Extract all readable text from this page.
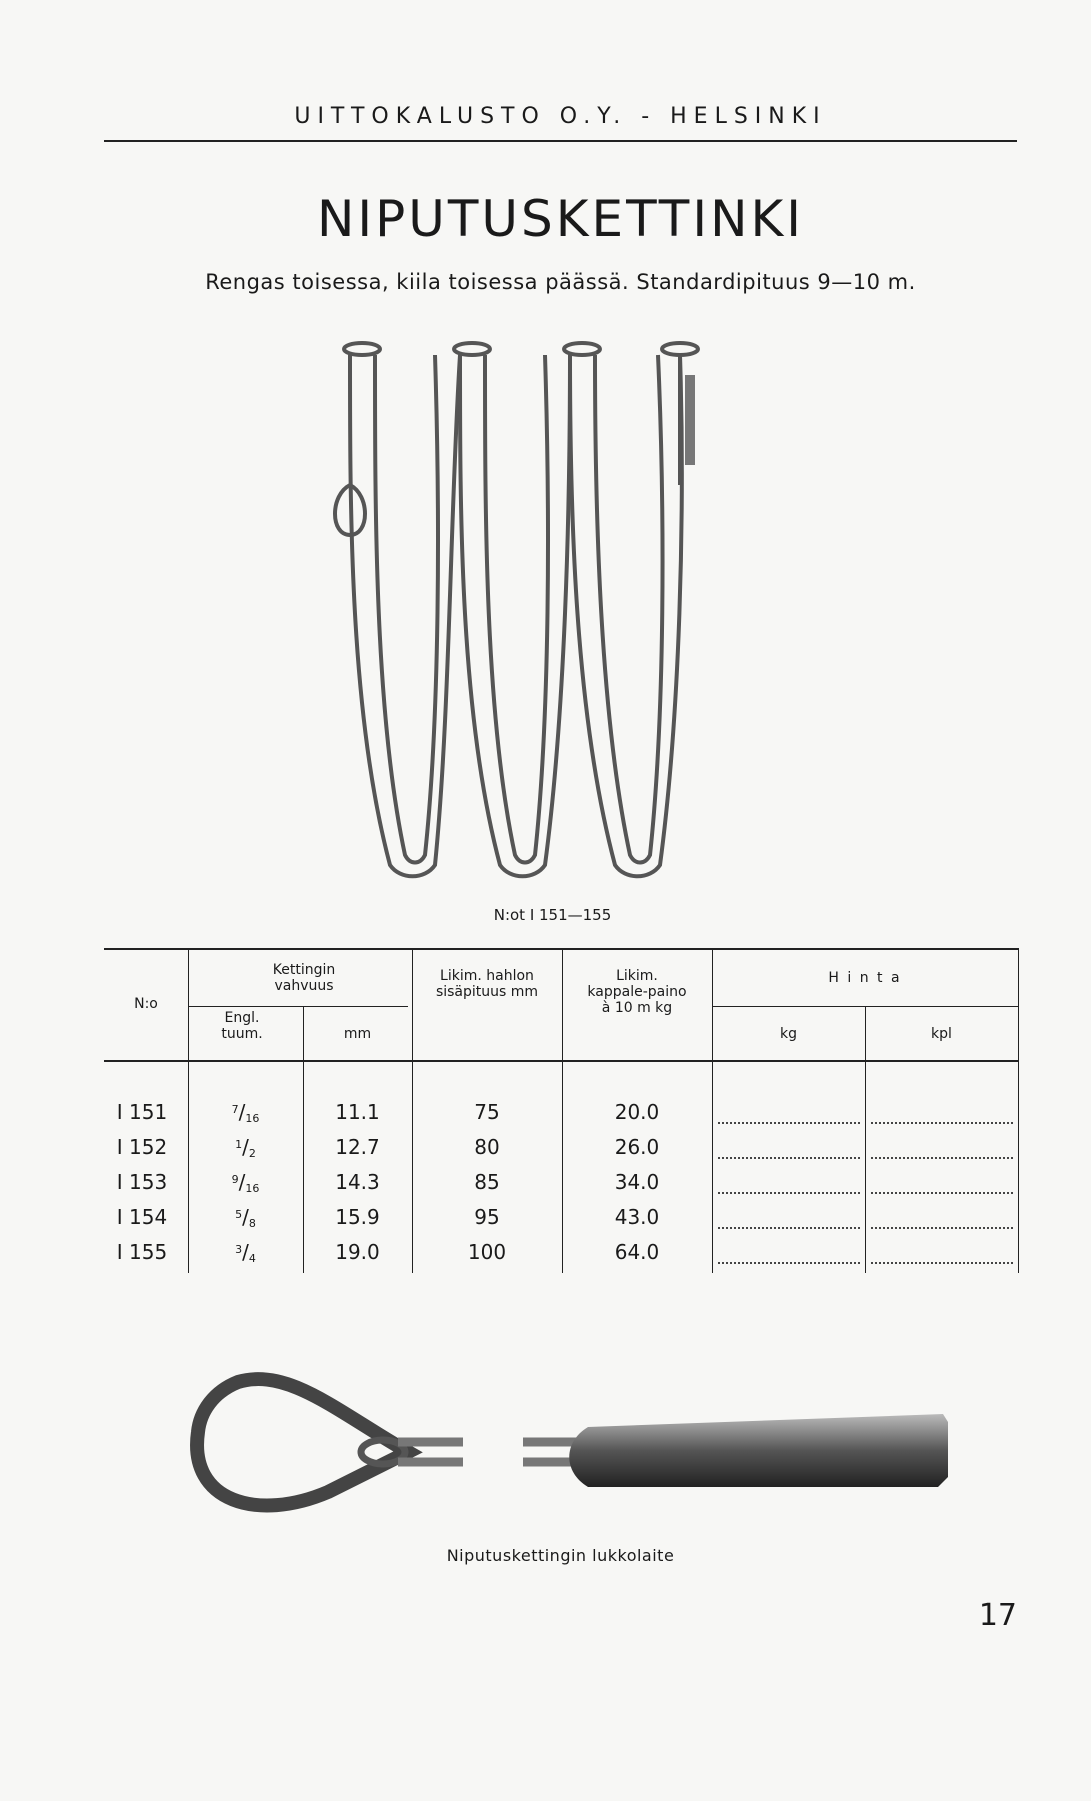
UITTOKALUSTO O.Y. - HELSINKI
NIPUTUSKETTINKI
Rengas toisessa, kiila toisessa päässä. Standardipituus 9—10 m.
N:ot I 151—155
N:o
Kettingin vahvuus
Engl. tuum.	mm
Likim. hahlon sisäpituus mm
Likim. kappale-paino à 10 m kg
H i n t a
kg	kpl
I 151	$^7/_{16}$	11.1	75	20.0
I 152	$^1/_2$	12.7	80	26.0
I 153	$^9/_{16}$	14.3	85	34.0
I 154	$^5/_8$	15.9	95	43.0
I 155	$^3/_4$	19.0	100	64.0
Niputuskettingin lukkolaite
17
